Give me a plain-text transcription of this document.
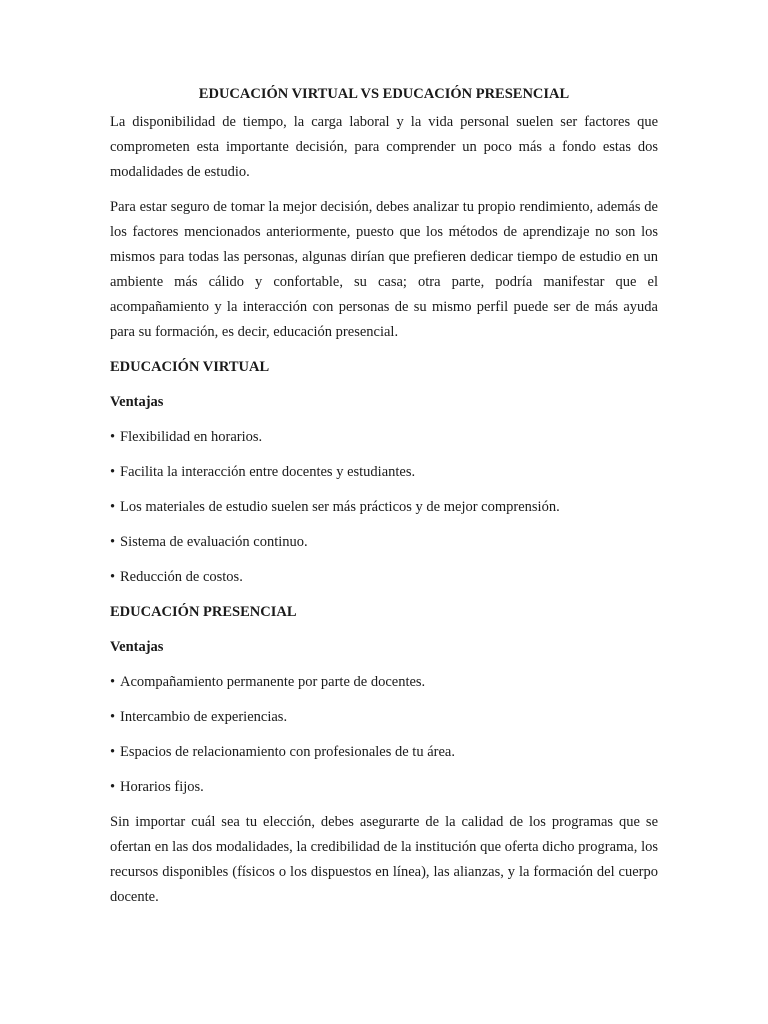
EDUCACIÓN VIRTUAL VS EDUCACIÓN PRESENCIAL

La disponibilidad de tiempo, la carga laboral y la vida personal suelen ser factores que comprometen esta importante decisión, para comprender un poco más a fondo estas dos modalidades de estudio.

Para estar seguro de tomar la mejor decisión, debes analizar tu propio rendimiento, además de los factores mencionados anteriormente, puesto que los métodos de aprendizaje no son los mismos para todas las personas, algunas dirían que prefieren dedicar tiempo de estudio en un ambiente más cálido y confortable, su casa; otra parte, podría manifestar que el acompañamiento y la interacción con personas de su mismo perfil puede ser de más ayuda para su formación, es decir, educación presencial.

EDUCACIÓN VIRTUAL
Ventajas
• Flexibilidad en horarios.
• Facilita la interacción entre docentes y estudiantes.
• Los materiales de estudio suelen ser más prácticos y de mejor comprensión.
• Sistema de evaluación continuo.
• Reducción de costos.
EDUCACIÓN PRESENCIAL
Ventajas
• Acompañamiento permanente por parte de docentes.
• Intercambio de experiencias.
• Espacios de relacionamiento con profesionales de tu área.
• Horarios fijos.

Sin importar cuál sea tu elección, debes asegurarte de la calidad de los programas que se ofertan en las dos modalidades, la credibilidad de la institución que oferta dicho programa, los recursos disponibles (físicos o los dispuestos en línea), las alianzas, y la formación del cuerpo docente.
